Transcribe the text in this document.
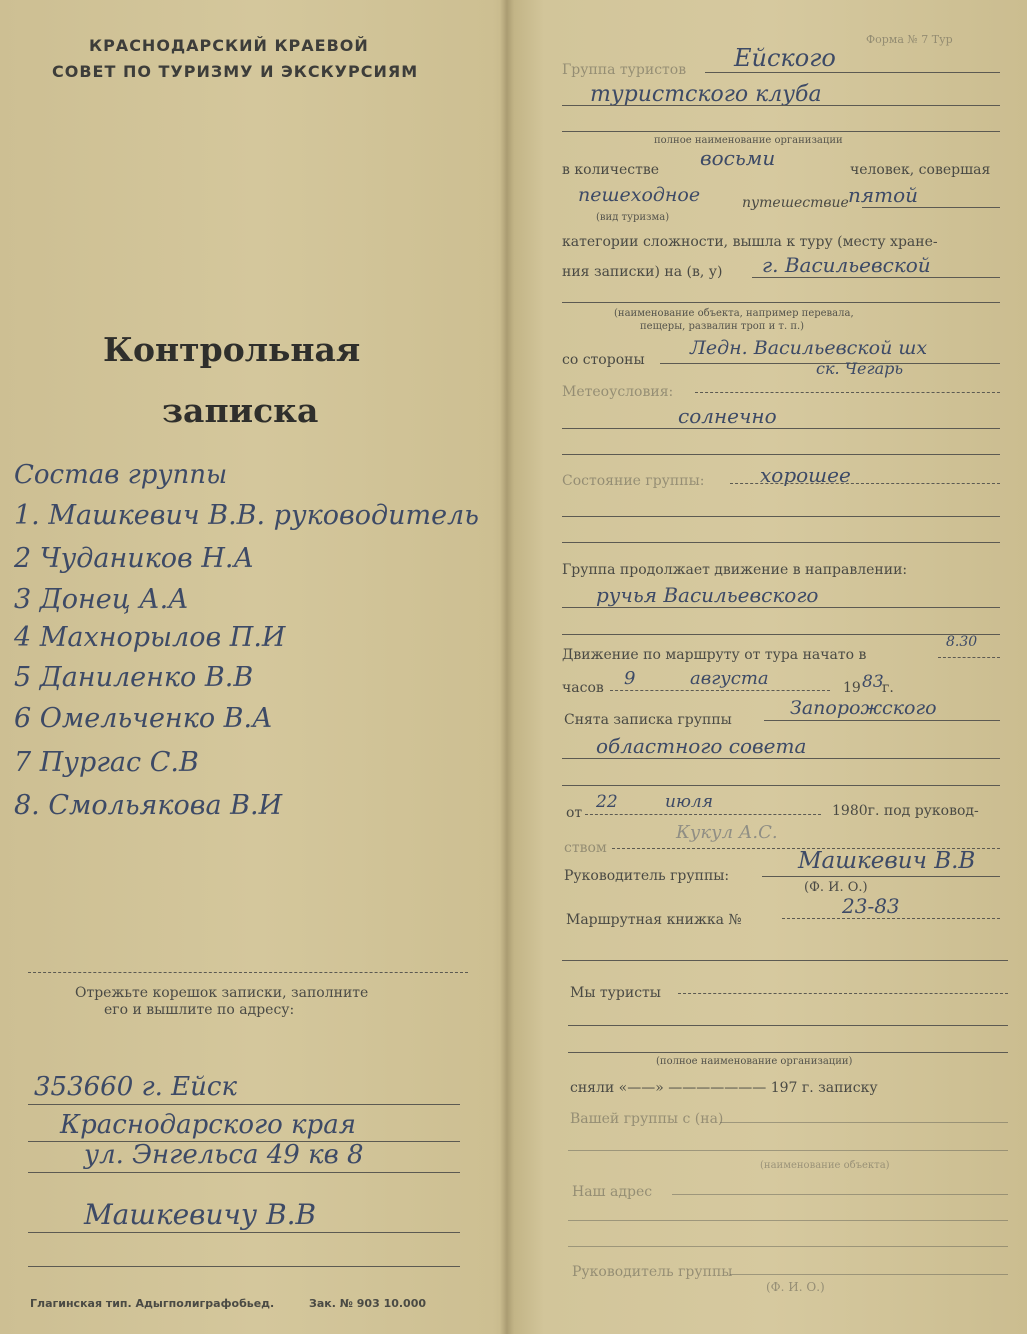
КРАСНОДАРСКИЙ КРАЕВОЙ
СОВЕТ ПО ТУРИЗМУ И ЭКСКУРСИЯМ
Контрольная
записка
Состав группы
1. Машкевич В.В. руководитель
2 Чудаников Н.А
3 Донец А.А
4 Махнорылов П.И
5 Даниленко В.В
6 Омельченко В.А
7 Пургас С.В
8. Смольякова В.И
Отрежьте корешок записки, заполните
его и вышлите по адресу:
353660 г. Ейск
Краснодарского края
ул. Энгельса 49 кв 8
Машкевичу В.В
Глагинская тип. Адыгполиграфобьед.	Зак. № 903 10.000
Форма № 7 Тур
Группа туристов Ейского
туристского клуба
полное наименование организации
в количестве восьми	человек, совершая
пешеходное	путешествие пятой
(вид туризма)
категории сложности, вышла к туру (месту хране-
ния записки) на (в, у) г. Васильевской
(наименование объекта, например перевала,
пещеры, развалин троп и т. п.)
со стороны
Ледн. Васильевской шх
ск. Чегарь
Метеоусловия:
солнечно
Состояние группы:	хорошее
Группа продолжает движение в направлении:
ручья Васильевского
Движение по маршруту от тура начато в
8.30
часов 9	августа	19 83
г.
Снята записка группы
Запорожского
областного совета
от
22	июля	1980г. под руковод-
ством
Кукул А.С.
Руководитель группы:
Машкевич В.В
(Ф. И. О.)
Маршрутная книжка №
23-83
Мы туристы
(полное наименование организации)
сняли «——» ——————— 197 г. записку
Вашей группы с (на)
(наименование объекта)
Наш адрес
Руководитель группы
(Ф. И. О.)
